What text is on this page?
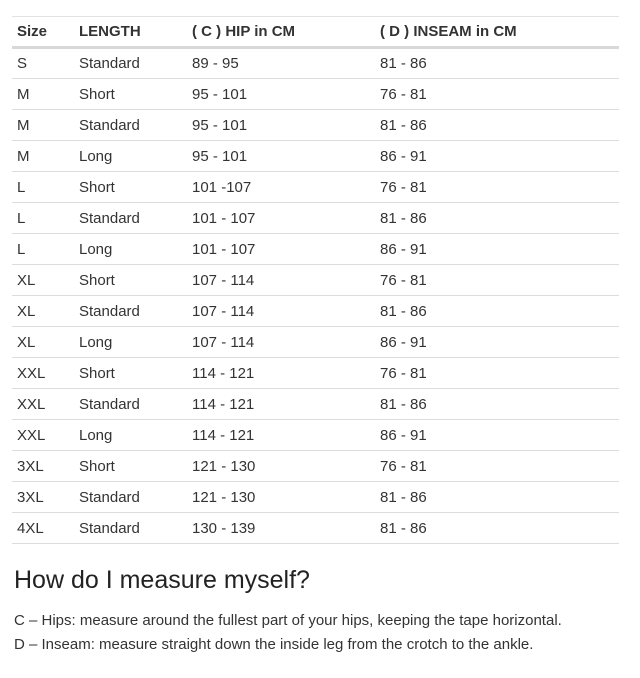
Size	LENGTH	( C ) HIP in CM	( D ) INSEAM in CM
S	Standard	89 - 95	81 - 86
M	Short	95 - 101	76 - 81
M	Standard	95 - 101	81 - 86
M	Long	95 - 101	86 - 91
L	Short	101 -107	76 - 81
L	Standard	101 - 107	81 - 86
L	Long	101 - 107	86 - 91
XL	Short	107 - 114	76 - 81
XL	Standard	107 - 114	81 - 86
XL	Long	107 - 114	86 - 91
XXL	Short	114 - 121	76 - 81
XXL	Standard	114 - 121	81 - 86
XXL	Long	114 - 121	86 - 91
3XL	Short	121 - 130	76 - 81
3XL	Standard	121 - 130	81 - 86
4XL	Standard	130 - 139	81 - 86
How do I measure myself?

C – Hips: measure around the fullest part of your hips, keeping the tape horizontal.

D – Inseam: measure straight down the inside leg from the crotch to the ankle.
